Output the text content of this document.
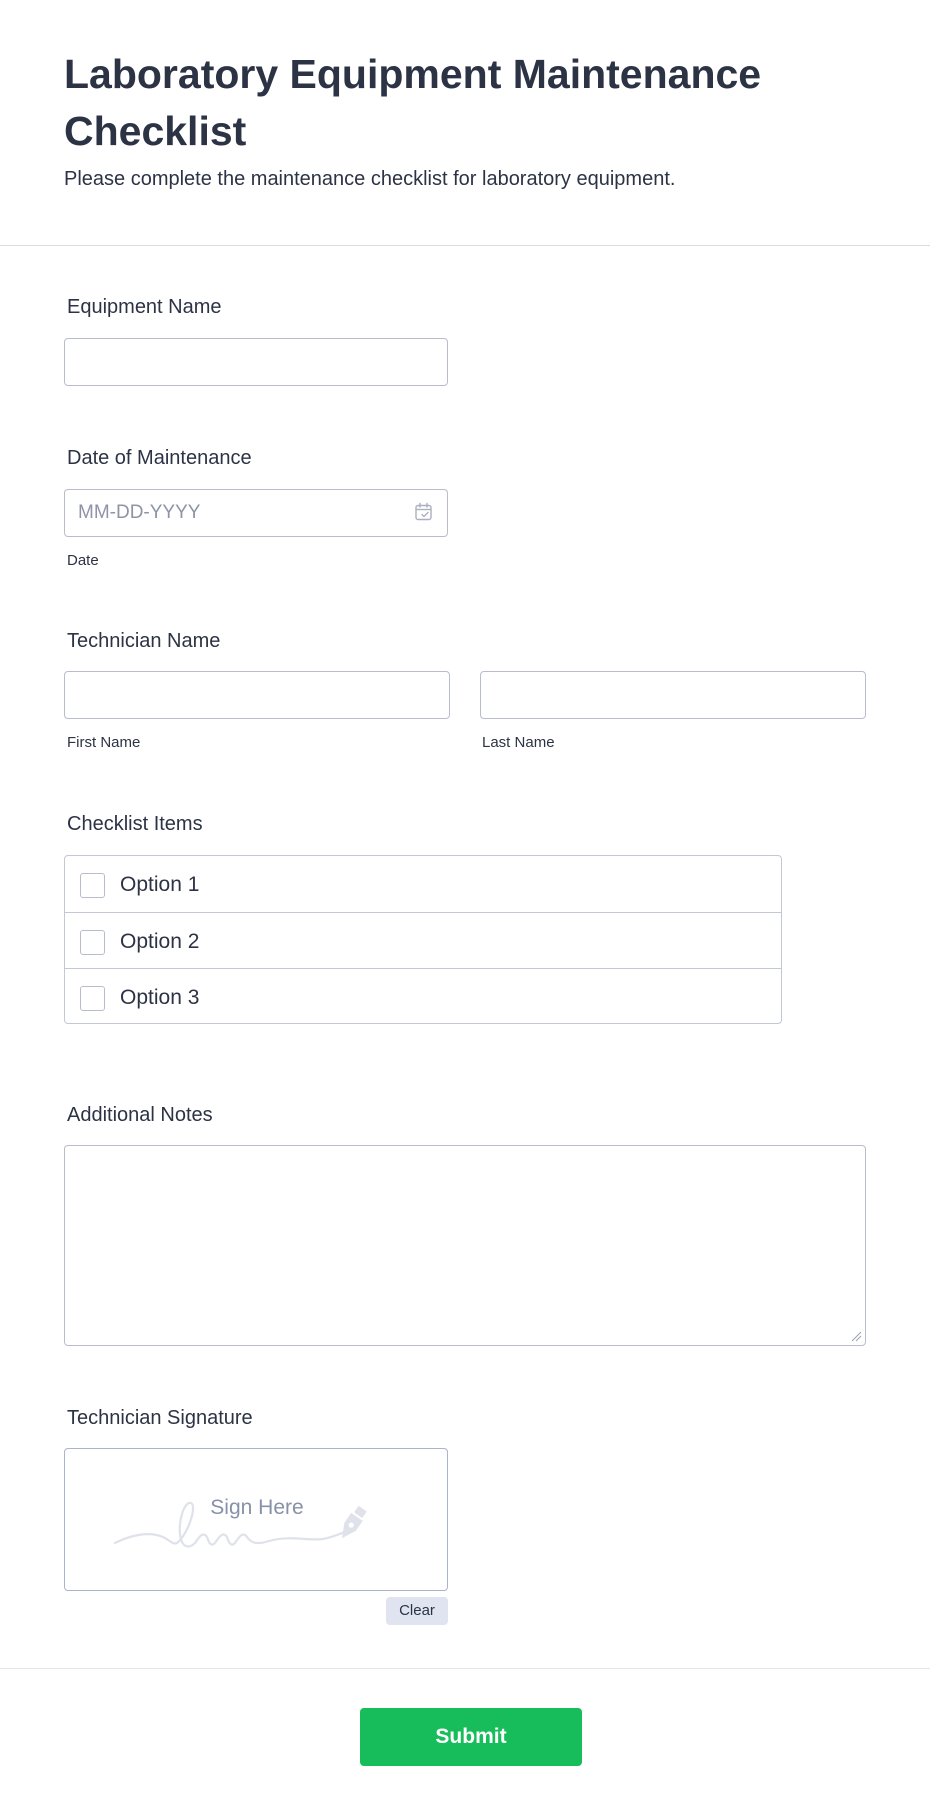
Laboratory Equipment Maintenance Checklist

Please complete the maintenance checklist for laboratory equipment.

Equipment Name
Date of Maintenance
MM-DD-YYYY
Date
Technician Name
First Name	Last Name
Checklist Items
Option 1
Option 2
Option 3
Additional Notes
Technician Signature
Sign Here
Clear
Submit
